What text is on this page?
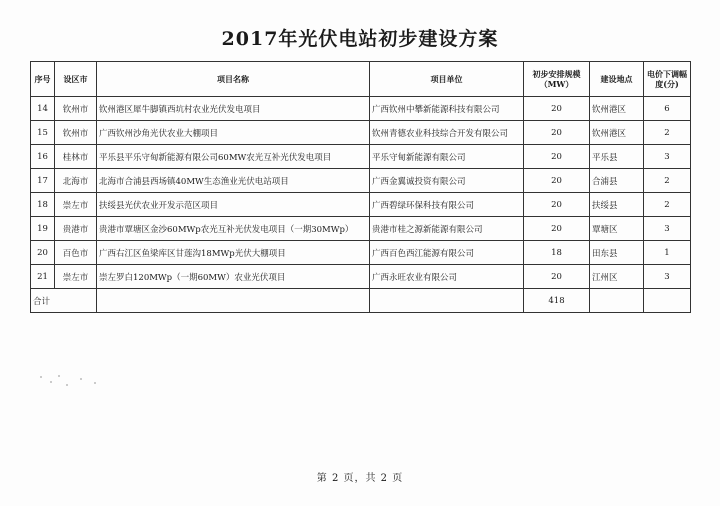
2017年光伏电站初步建设方案
序号	设区市	项目名称	项目单位	初步安排规模（MW）	建设地点	电价下调幅度(分)
14	钦州市	钦州港区犀牛脚镇西坑村农业光伏发电项目	广西钦州中攀新能源科技有限公司	20	钦州港区	6
15	钦州市	广西钦州沙角光伏农业大棚项目	钦州青德农业科技综合开发有限公司	20	钦州港区	2
16	桂林市	平乐县平乐守甸新能源有限公司60MW农光互补光伏发电项目	平乐守甸新能源有限公司	20	平乐县	3
17	北海市	北海市合浦县西场镇40MW生态渔业光伏电站项目	广西金翼诚投资有限公司	20	合浦县	2
18	崇左市	扶绥县光伏农业开发示范区项目	广西碧绿环保科技有限公司	20	扶绥县	2
19	贵港市	贵港市覃塘区金沙60MWp农光互补光伏发电项目（一期30MWp）	贵港市桂之源新能源有限公司	20	覃塘区	3
20	百色市	广西右江区鱼梁库区甘莲沟18MWp光伏大棚项目	广西百色西江能源有限公司	18	田东县	1
21	崇左市	崇左罗白120MWp（一期60MW）农业光伏项目	广西永旺农业有限公司	20	江州区	3
合计				418		
第 2 页，共 2 页
